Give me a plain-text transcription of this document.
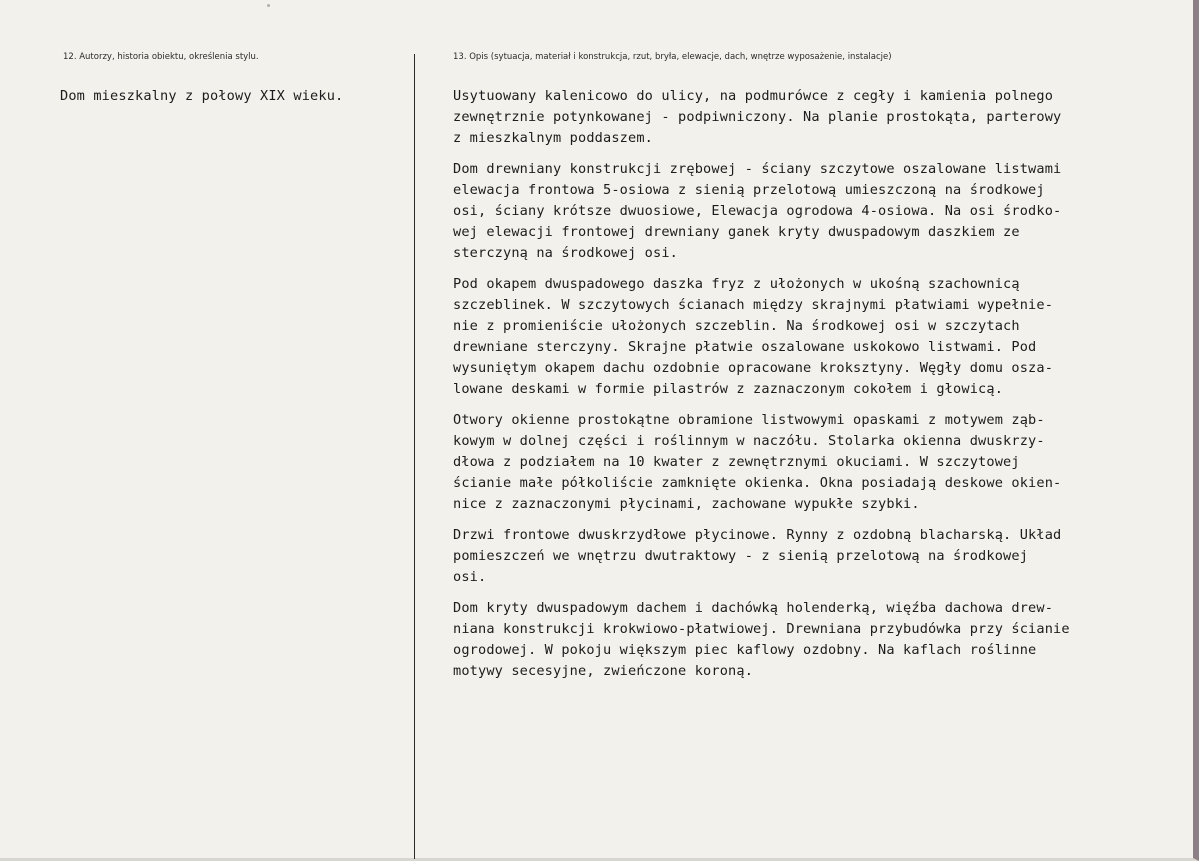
12. Autorzy, historia obiektu, określenia stylu.	13. Opis (sytuacja, materiał i konstrukcja, rzut, bryła, elewacje, dach, wnętrze wyposażenie, instalacje)
Dom mieszkalny z połowy XIX wieku.	Usytuowany kalenicowo do ulicy, na podmurówce z cegły i kamienia polnego
zewnętrznie potynkowanej - podpiwniczony. Na planie prostokąta, parterowy
z mieszkalnym poddaszem.
Dom drewniany konstrukcji zrębowej - ściany szczytowe oszalowane listwami
elewacja frontowa 5-osiowa z sienią przelotową umieszczoną na środkowej
osi, ściany krótsze dwuosiowe, Elewacja ogrodowa 4-osiowa. Na osi środko-
wej elewacji frontowej drewniany ganek kryty dwuspadowym daszkiem ze
sterczyną na środkowej osi.
Pod okapem dwuspadowego daszka fryz z ułożonych w ukośną szachownicą
szczeblinek. W szczytowych ścianach między skrajnymi płatwiami wypełnie-
nie z promieniście ułożonych szczeblin. Na środkowej osi w szczytach
drewniane sterczyny. Skrajne płatwie oszalowane uskokowo listwami. Pod
wysuniętym okapem dachu ozdobnie opracowane kroksztyny. Węgły domu osza-
lowane deskami w formie pilastrów z zaznaczonym cokołem i głowicą.
Otwory okienne prostokątne obramione listwowymi opaskami z motywem ząb-
kowym w dolnej części i roślinnym w naczółu. Stolarka okienna dwuskrzy-
dłowa z podziałem na 10 kwater z zewnętrznymi okuciami. W szczytowej
ścianie małe półkoliście zamknięte okienka. Okna posiadają deskowe okien-
nice z zaznaczonymi płycinami, zachowane wypukłe szybki.
Drzwi frontowe dwuskrzydłowe płycinowe. Rynny z ozdobną blacharską. Układ
pomieszczeń we wnętrzu dwutraktowy - z sienią przelotową na środkowej
osi.
Dom kryty dwuspadowym dachem i dachówką holenderką, więźba dachowa drew-
niana konstrukcji krokwiowo-płatwiowej. Drewniana przybudówka przy ścianie
ogrodowej. W pokoju większym piec kaflowy ozdobny. Na kaflach roślinne
motywy secesyjne, zwieńczone koroną.
